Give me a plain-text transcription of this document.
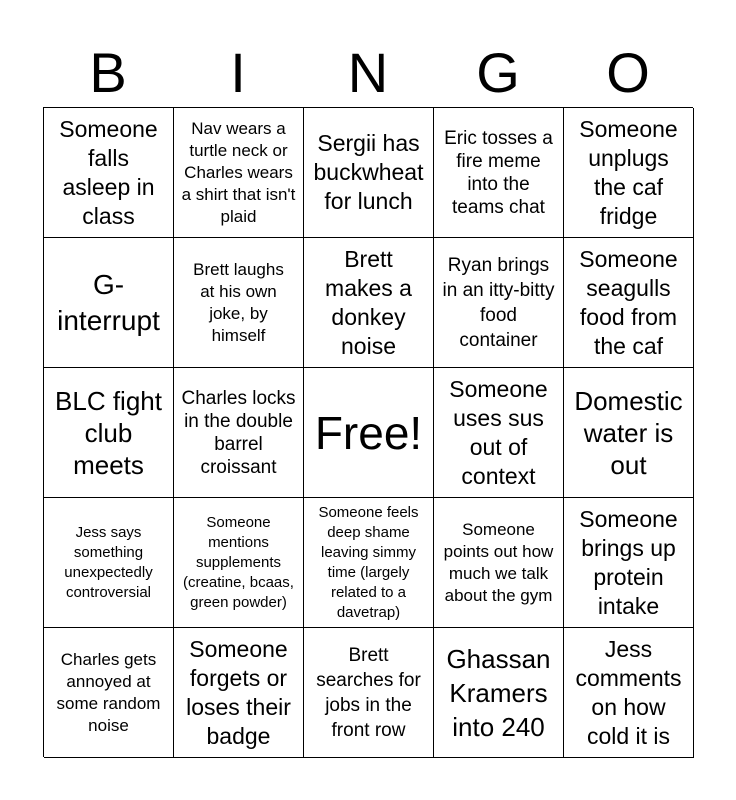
B	I	N	G	O
Someone falls asleep in class
Nav wears a turtle neck or Charles wears a shirt that isn't plaid
Sergii has buckwheat for lunch
Eric tosses a fire meme into the teams chat
Someone unplugs the caf fridge
G-interrupt
Brett laughs at his own joke, by himself
Brett makes a donkey noise
Ryan brings in an itty-bitty food container
Someone seagulls food from the caf
BLC fight club meets
Charles locks in the double barrel croissant
Free!
Someone uses sus out of context
Domestic water is out
Jess says something unexpectedly controversial
Someone mentions supplements (creatine, bcaas, green powder)
Someone feels deep shame leaving simmy time (largely related to a davetrap)
Someone points out how much we talk about the gym
Someone brings up protein intake
Charles gets annoyed at some random noise
Someone forgets or loses their badge
Brett searches for jobs in the front row
Ghassan Kramers into 240
Jess comments on how cold it is
